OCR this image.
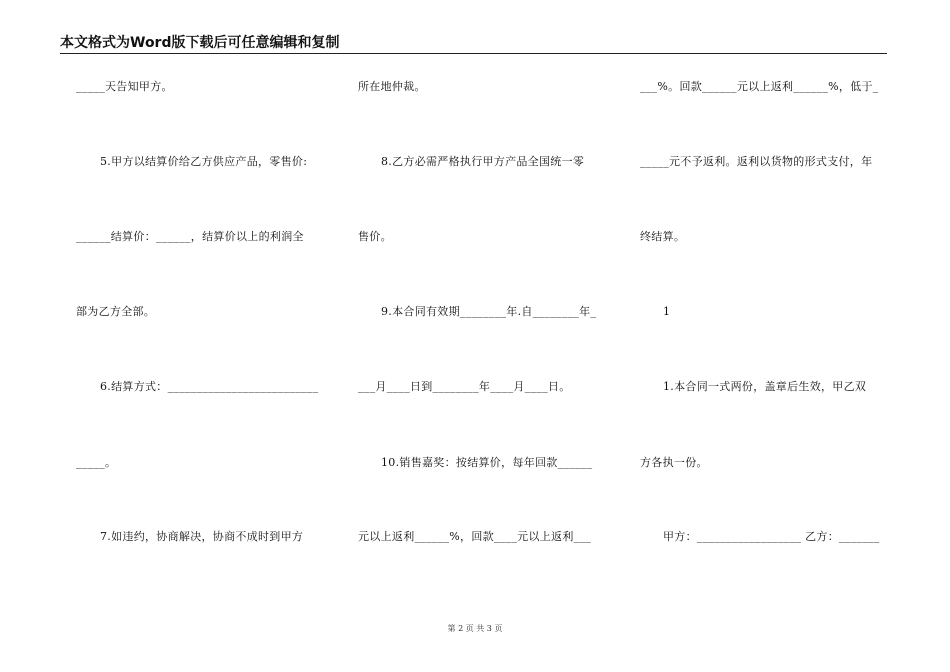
本文格式为Word版下载后可任意编辑和复制
_____天告知甲方。
5.甲方以结算价给乙方供应产品，零售价:
______结算价：______，结算价以上的利润全
部为乙方全部。
6.结算方式：__________________________
_____。
7.如违约，协商解决，协商不成时到甲方
所在地仲裁。
8.乙方必需严格执行甲方产品全国统一零
售价。
9.本合同有效期________年.自________年_
___月____日到________年____月____日。
10.销售嘉奖：按结算价，每年回款______
元以上返利______%，回款____元以上返利___
___%。回款______元以上返利______%，低于_
_____元不予返利。返利以货物的形式支付，年
终结算。
1
1.本合同一式两份，盖章后生效，甲乙双
方各执一份。
甲方：__________________ 乙方：_______
第 2 页 共 3 页
